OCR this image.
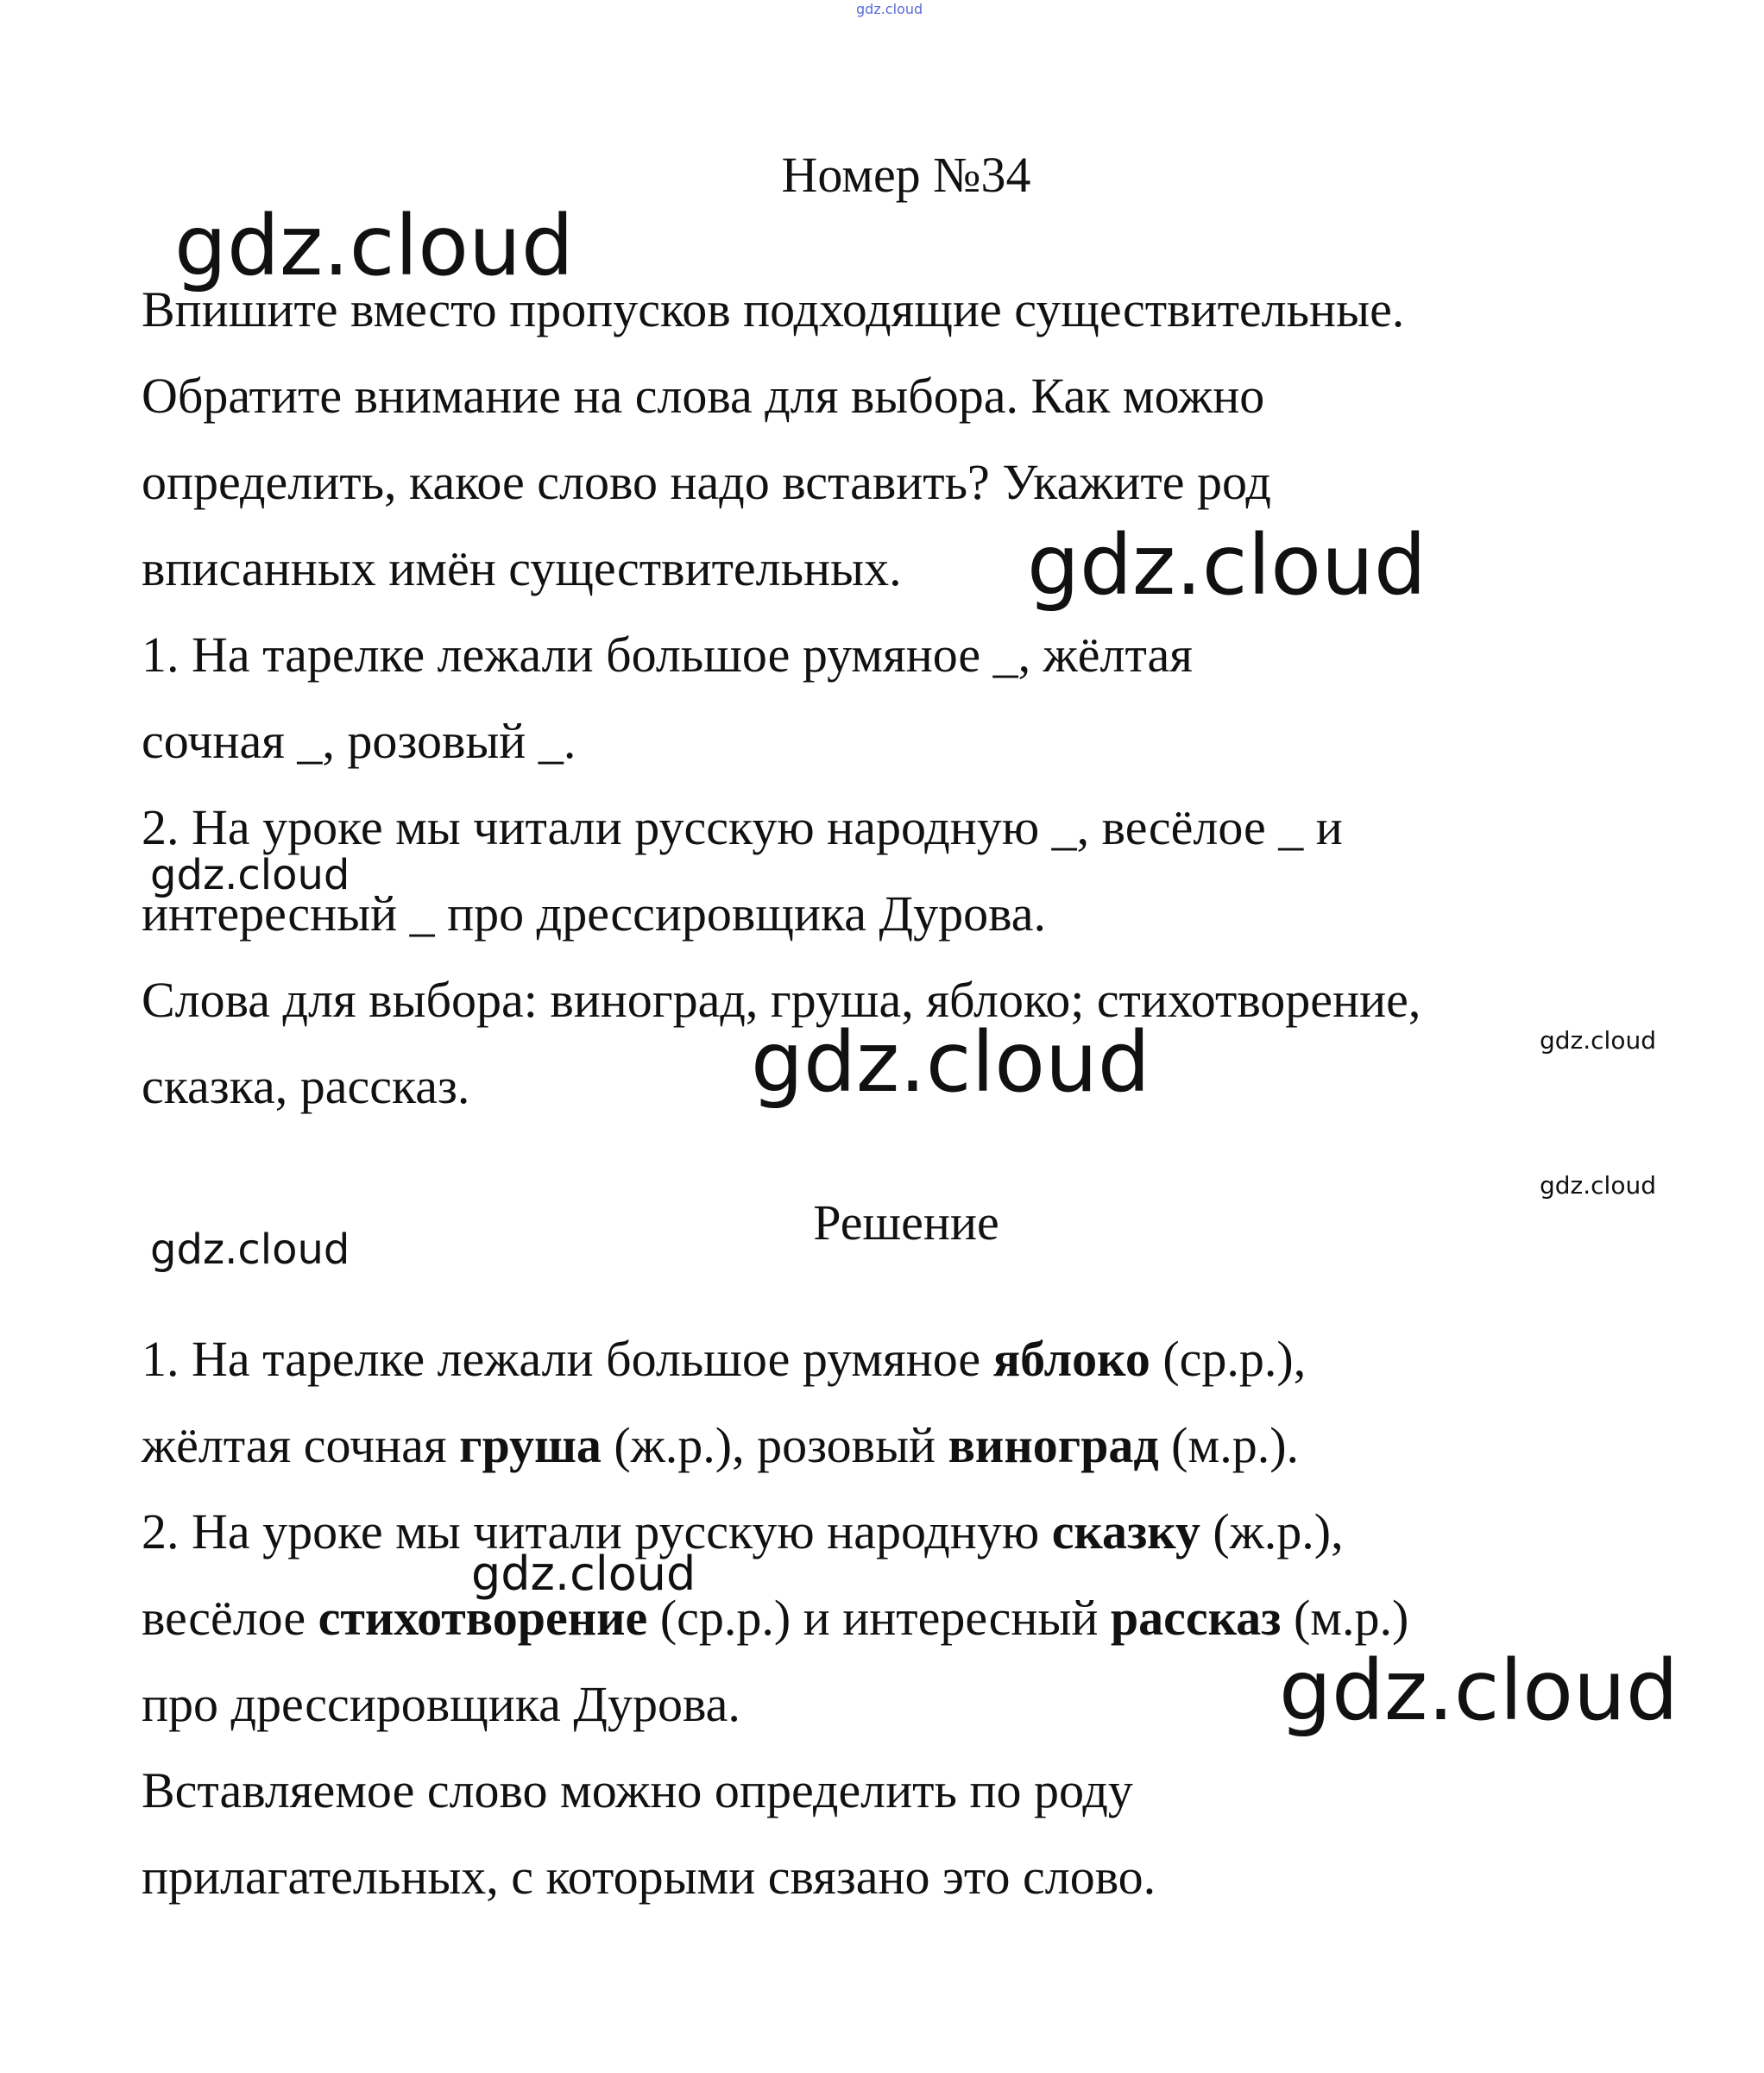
gdz.cloud
Номер №34
Впишите вместо пропусков подходящие существительные.
Обратите внимание на слова для выбора. Как можно
определить, какое слово надо вставить? Укажите род
вписанных имён существительных.
1. На тарелке лежали большое румяное _, жёлтая
сочная _, розовый _.
2. На уроке мы читали русскую народную _, весёлое _ и
интересный _ про дрессировщика Дурова.
Слова для выбора: виноград, груша, яблоко; стихотворение,
сказка, рассказ.
Решение
1. На тарелке лежали большое румяное яблоко (ср.р.),
жёлтая сочная груша (ж.р.), розовый виноград (м.р.).
2. На уроке мы читали русскую народную сказку (ж.р.),
весёлое стихотворение (ср.р.) и интересный рассказ (м.р.)
про дрессировщика Дурова.
Вставляемое слово можно определить по роду
прилагательных, с которыми связано это слово.
gdz.cloud
gdz.cloud
gdz.cloud
gdz.cloud	gdz.cloud
gdz.cloud
gdz.cloud
gdz.cloud
gdz.cloud
